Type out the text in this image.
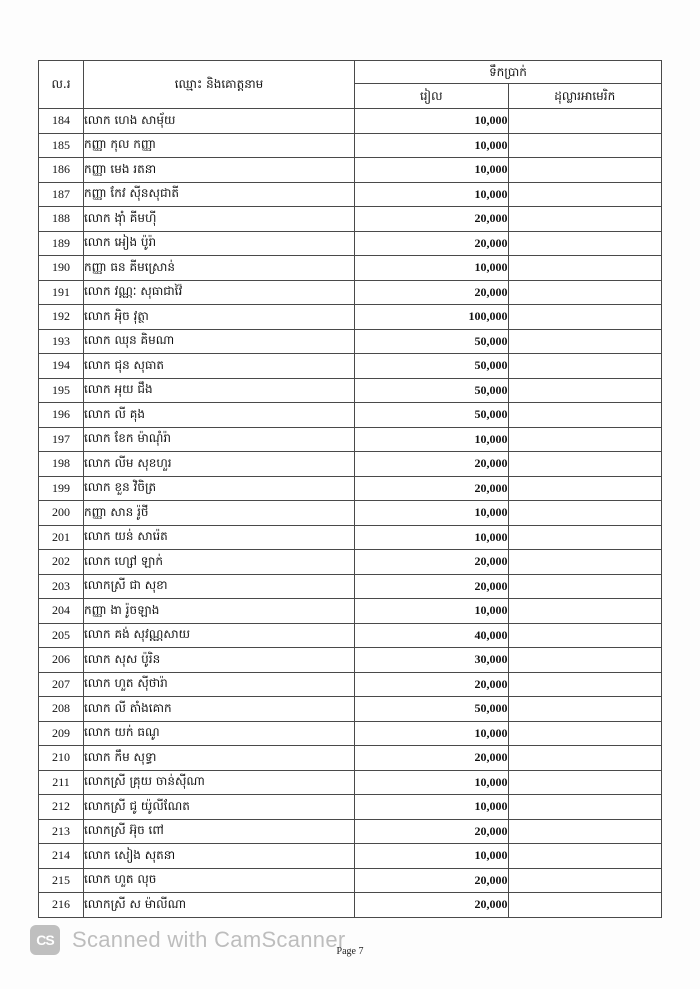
ល.រ	ឈ្មោះ និងគោត្តនាម	ទឹកប្រាក់	
		រៀល	ដុល្លារអាមេរិក
184	លោក ហេង សាម៉័យ	10,000	
185	កញ្ញា កុល កញ្ញា	10,000	
186	កញ្ញា មេង រតនា	10,000	
187	កញ្ញា កែវ ស៊ីនសុជាតី	10,000	
188	លោក ង៉ាំ គីមហុី	20,000	
189	លោក អៀង ប៉ូរ៉ា	20,000	
190	កញ្ញា ធន គីមស្រោន់	10,000	
191	លោក វណ្ណៈ សុធាជាវ៉ៃ	20,000	
192	លោក អុិច វុត្ថា	100,000	
193	លោក ឈុន គិមណា	50,000	
194	លោក ជុន សុធាត	50,000	
195	លោក អុយ ជឹង	50,000	
196	លោក លី គុង	50,000	
197	លោក ខែក ម៉ាណុំរ៉ា	10,000	
198	លោក លីម សុខហួរ	20,000	
199	លោក ខួន វិចិត្រ	20,000	
200	កញ្ញា សាន រ៉ូថី	10,000	
201	លោក យន់ សារ៉េត	10,000	
202	លោក ហ្សៅ ឡាក់	20,000	
203	លោកស្រី ជា សុខា	20,000	
204	កញ្ញា ងា រ៉ូចឡាង	10,000	
205	លោក គង់ សុវណ្ណសាយ	40,000	
206	លោក សុស ប៉ូរិន	30,000	
207	លោក ហួត ស៊ីថារ៉ា	20,000	
208	លោក លី តាំងគោក	50,000	
209	លោក យក់ ធណូ	10,000	
210	លោក កឹម សុទ្ធា	20,000	
211	លោកស្រី គ្រុយ ចាន់ស៊ីណា	10,000	
212	លោកស្រី ជូ យ៉ូលីណែត	10,000	
213	លោកស្រី អ៊ុច ពៅ	20,000	
214	លោក សៀង សុតនា	10,000	
215	លោក ហួត លុច	20,000	
216	លោកស្រី ស ម៉ាលីណា	20,000	
CS Scanned with CamScanner
Page 7
